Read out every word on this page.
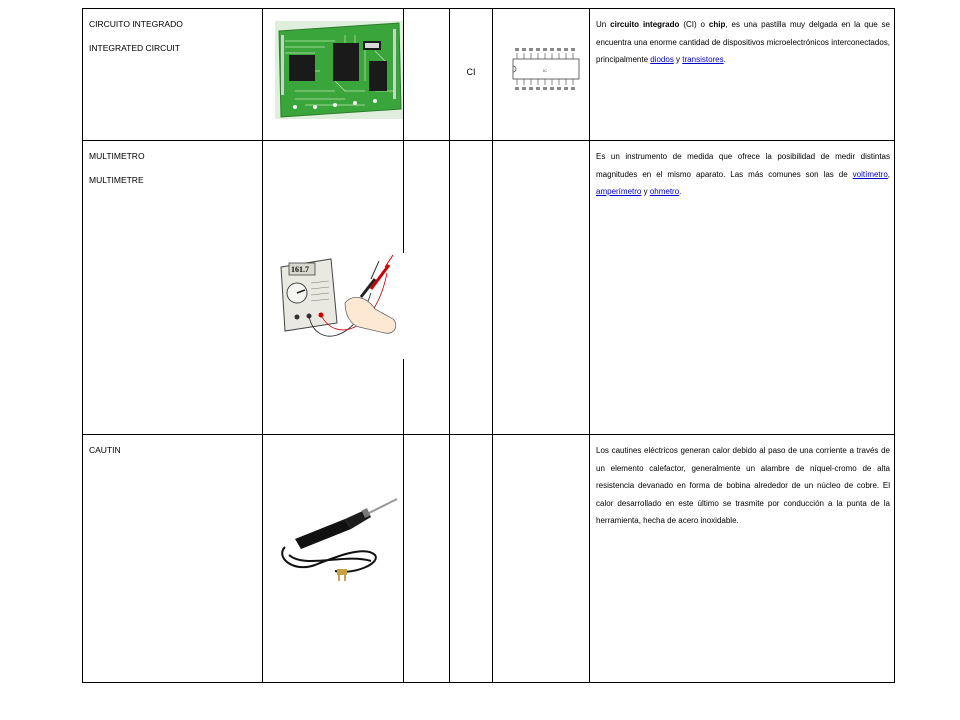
CIRCUITO INTEGRADO

INTEGRATED CIRCUIT			CI	IC	Un circuito integrado (CI) o chip, es una pastilla muy delgada en la que se encuentra una enorme cantidad de dispositivos microelectrónicos interconectados, principalmente diodos y transistores.

MULTIMETRO

MULTIMETRE	161.7				Es un instrumento de medida que ofrece la posibilidad de medir distintas magnitudes en el mismo aparato. Las más comunes son las de voltímetro, amperímetro y ohmetro.

CAUTIN					Los cautines eléctricos generan calor debido al paso de una corriente a través de un elemento calefactor, generalmente un alambre de níquel-cromo de alta resistencia devanado en forma de bobina alrededor de un núcleo de cobre. El calor desarrollado en este último se trasmite por conducción a la punta de la herramienta, hecha de acero inoxidable.
